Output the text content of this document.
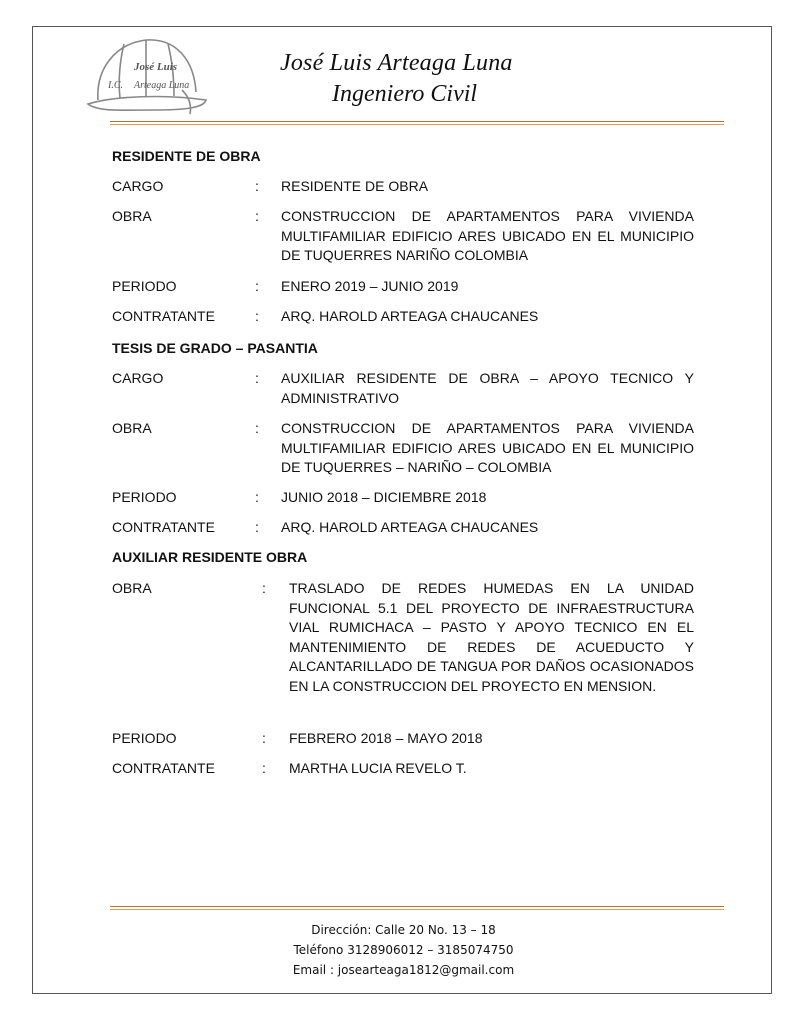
José Luis
I.C. Arteaga Luna
José Luis Arteaga Luna
Ingeniero Civil
RESIDENTE DE OBRA
CARGO	: RESIDENTE DE OBRA
OBRA	: CONSTRUCCION DE APARTAMENTOS PARA VIVIENDA MULTIFAMILIAR EDIFICIO ARES UBICADO EN EL MUNICIPIO DE TUQUERRES NARIÑO COLOMBIA
PERIODO	: ENERO 2019 – JUNIO 2019
CONTRATANTE	: ARQ. HAROLD ARTEAGA CHAUCANES
TESIS DE GRADO – PASANTIA
CARGO	: AUXILIAR RESIDENTE DE OBRA – APOYO TECNICO Y ADMINISTRATIVO
OBRA	: CONSTRUCCION DE APARTAMENTOS PARA VIVIENDA MULTIFAMILIAR EDIFICIO ARES UBICADO EN EL MUNICIPIO DE TUQUERRES – NARIÑO – COLOMBIA
PERIODO	: JUNIO 2018 – DICIEMBRE 2018
CONTRATANTE	: ARQ. HAROLD ARTEAGA CHAUCANES
AUXILIAR RESIDENTE OBRA
OBRA	: TRASLADO DE REDES HUMEDAS EN LA UNIDAD FUNCIONAL 5.1 DEL PROYECTO DE INFRAESTRUCTURA VIAL RUMICHACA – PASTO Y APOYO TECNICO EN EL MANTENIMIENTO DE REDES DE ACUEDUCTO Y ALCANTARILLADO DE TANGUA POR DAÑOS OCASIONADOS EN LA CONSTRUCCION DEL PROYECTO EN MENSION.
PERIODO	: FEBRERO 2018 – MAYO 2018
CONTRATANTE	: MARTHA LUCIA REVELO T.
Dirección: Calle 20 No. 13 – 18
Teléfono 3128906012 – 3185074750
Email : josearteaga1812@gmail.com
